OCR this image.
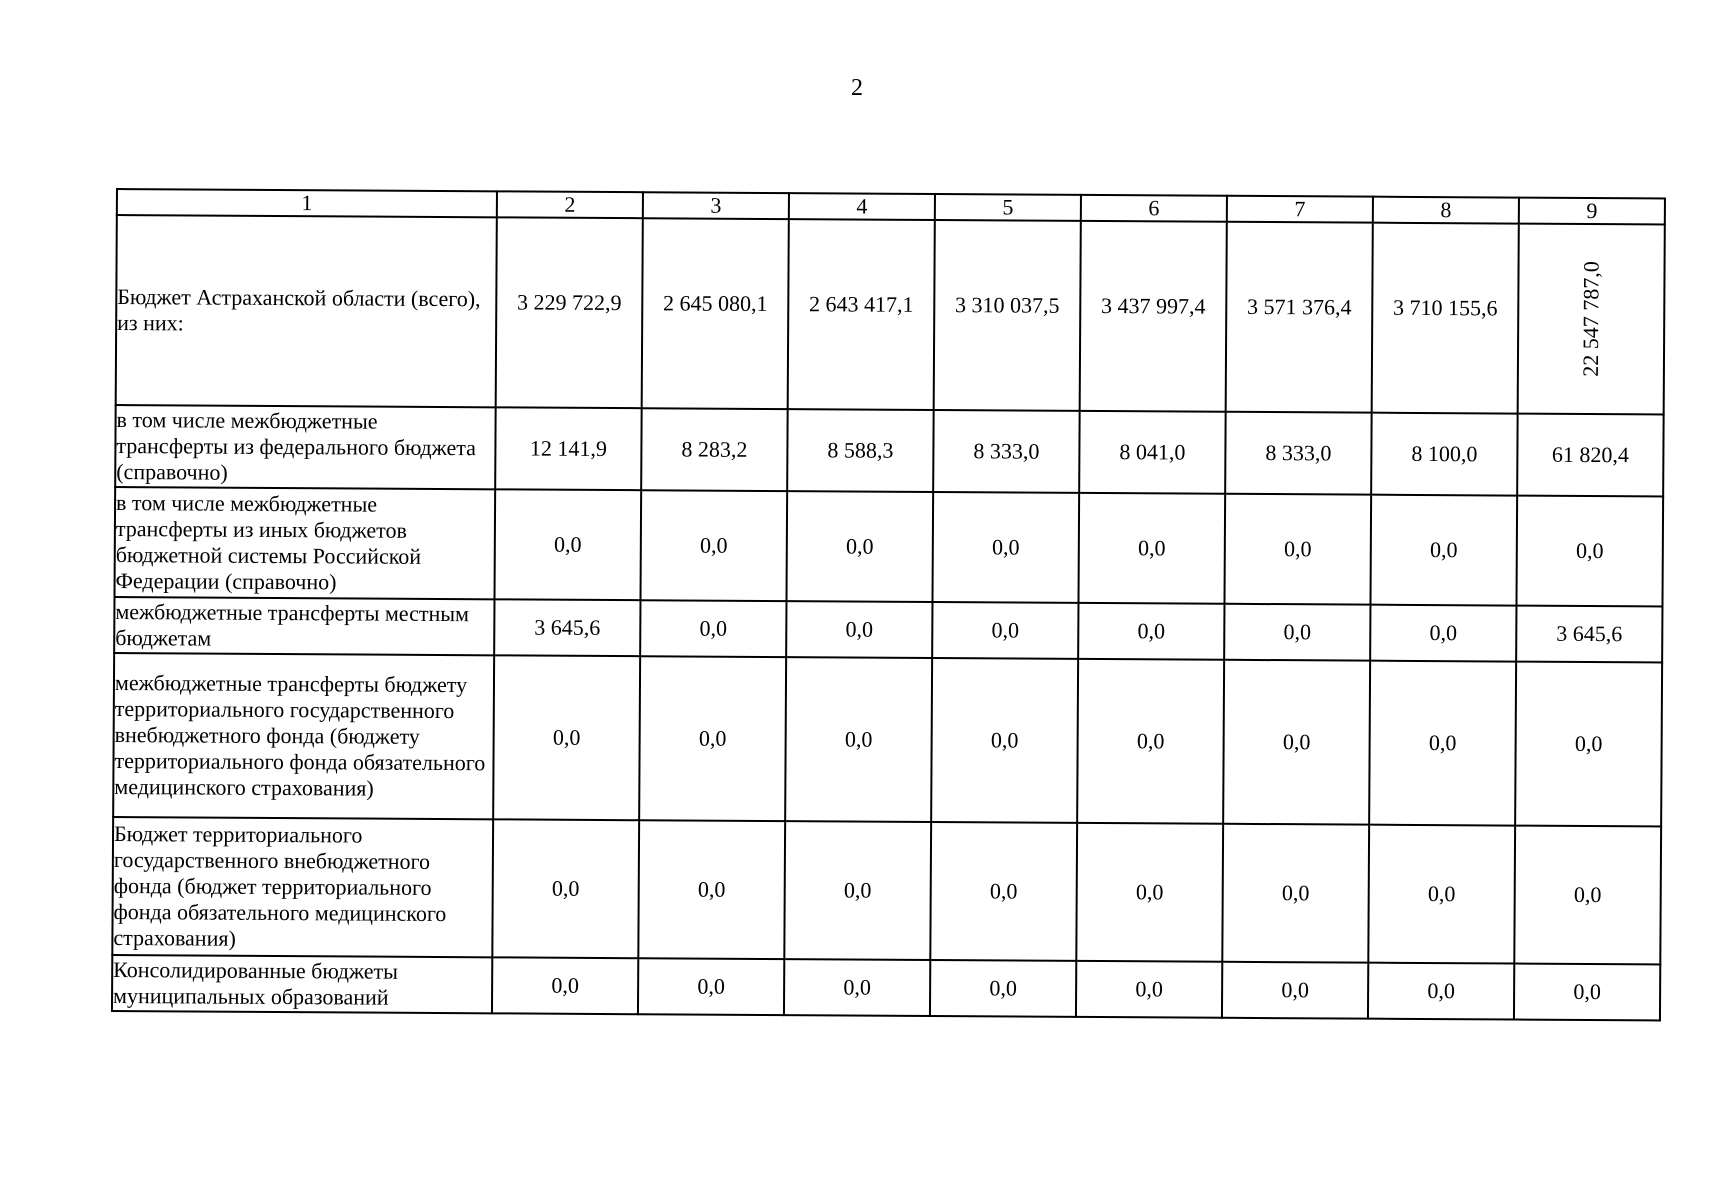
2
1	2	3	4	5	6	7	8	9

Бюджет Астраханской области (всего), из них:	3 229 722,9	2 645 080,1	2 643 417,1	3 310 037,5	3 437 997,4	3 571 376,4	3 710 155,6	22 547 787,0

в том числе межбюджетные трансферты из федерального бюджета (справочно)	12 141,9	8 283,2	8 588,3	8 333,0	8 041,0	8 333,0	8 100,0	61 820,4

в том числе межбюджетные трансферты из иных бюджетов бюджетной системы Российской Федерации (справочно)	0,0	0,0	0,0	0,0	0,0	0,0	0,0	0,0

межбюджетные трансферты местным бюджетам	3 645,6	0,0	0,0	0,0	0,0	0,0	0,0	3 645,6

межбюджетные трансферты бюджету территориального государственного внебюджетного фонда (бюджету территориального фонда обязательного медицинского страхования)	0,0	0,0	0,0	0,0	0,0	0,0	0,0	0,0

Бюджет территориального государственного внебюджетного фонда (бюджет территориального фонда обязательного медицинского страхования)	0,0	0,0	0,0	0,0	0,0	0,0	0,0	0,0

Консолидированные бюджеты муниципальных образований	0,0	0,0	0,0	0,0	0,0	0,0	0,0	0,0
